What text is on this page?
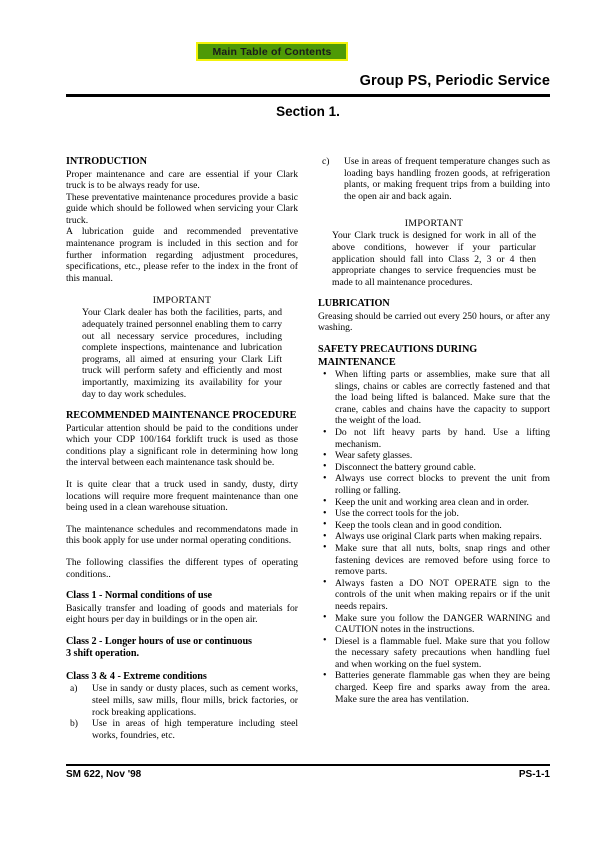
Main Table of Contents
Group PS, Periodic Service
Section 1.
INTRODUCTION

Proper maintenance and care are essential if your Clark truck is to be always ready for use.

These preventative maintenance procedures provide a basic guide which should be followed when servicing your Clark truck.

A lubrication guide and recommended preventative maintenance program is included in this section and for further information regarding adjustment procedures, specifications, etc., please refer to the index in the front of this manual.

IMPORTANT

Your Clark dealer has both the facilities, parts, and adequately trained personnel enabling them to carry out all necessary service procedures, including complete inspections, maintenance and lubrication programs, all aimed at ensuring your Clark Lift truck will perform safety and efficiently and most importantly, maximizing its availability for your day to day work schedules.

RECOMMENDED MAINTENANCE PROCEDURE

Particular attention should be paid to the conditions under which your CDP 100/164 forklift truck is used as those conditions play a significant role in determining how long the interval between each maintenance task should be.

It is quite clear that a truck used in sandy, dusty, dirty locations will require more frequent maintenance than one being used in a clean warehouse situation.

The maintenance schedules and recommendatons made in this book apply for use under normal operating conditions.

The following classifies the different types of operating conditions..

Class 1 - Normal conditions of use

Basically transfer and loading of goods and materials for eight hours per day in buildings or in the open air.

Class 2 - Longer hours of use or continuous
3 shift operation.
Class 3 & 4 - Extreme conditions
a) Use in sandy or dusty places, such as cement works, steel mills, saw mills, flour mills, brick factories, or rock breaking applications.
b) Use in areas of high temperature including steel works, foundries, etc.
c) Use in areas of frequent temperature changes such as loading bays handling frozen goods, at refrigeration plants, or making frequent trips from a building into the open air and back again.
IMPORTANT

Your Clark truck is designed for work in all of the above conditions, however if your particular application should fall into Class 2, 3 or 4 then appropriate changes to service frequencies must be made to all maintenance procedures.

LUBRICATION

Greasing should be carried out every 250 hours, or after any washing.

SAFETY PRECAUTIONS DURING MAINTENANCE
• When lifting parts or assemblies, make sure that all slings, chains or cables are correctly fastened and that the load being lifted is balanced. Make sure that the crane, cables and chains have the capacity to support the weight of the load.
• Do not lift heavy parts by hand. Use a lifting mechanism.
• Wear safety glasses.
• Disconnect the battery ground cable.
• Always use correct blocks to prevent the unit from rolling or falling.
• Keep the unit and working area clean and in order.
• Use the correct tools for the job.
• Keep the tools clean and in good condition.
• Always use original Clark parts when making repairs.
• Make sure that all nuts, bolts, snap rings and other fastening devices are removed before using force to remove parts.
• Always fasten a DO NOT OPERATE sign to the controls of the unit when making repairs or if the unit needs repairs.
• Make sure you follow the DANGER WARNING and CAUTION notes in the instructions.
• Diesel is a flammable fuel. Make sure that you follow the necessary safety precautions when handling fuel and when working on the fuel system.
• Batteries generate flammable gas when they are being charged. Keep fire and sparks away from the area. Make sure the area has ventilation.
SM 622, Nov '98	PS-1-1
